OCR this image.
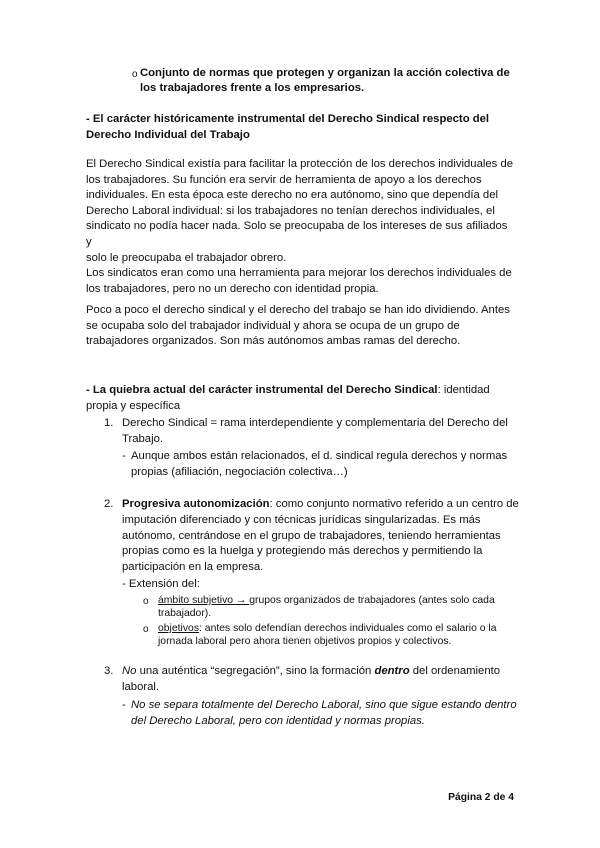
o Conjunto de normas que protegen y organizan la acción colectiva de

los trabajadores frente a los empresarios.

- El carácter históricamente instrumental del Derecho Sindical respecto del

Derecho Individual del Trabajo

El Derecho Sindical existía para facilitar la protección de los derechos individuales de

los trabajadores. Su función era servir de herramienta de apoyo a los derechos

individuales. En esta época este derecho no era autónomo, sino que dependía del

Derecho Laboral individual: si los trabajadores no tenían derechos individuales, el

sindicato no podía hacer nada. Solo se preocupaba de los intereses de sus afiliados y

solo le preocupaba el trabajador obrero.

Los sindicatos eran como una herramienta para mejorar los derechos individuales de

los trabajadores, pero no un derecho con identidad propia.

Poco a poco el derecho sindical y el derecho del trabajo se han ido dividiendo. Antes

se ocupaba solo del trabajador individual y ahora se ocupa de un grupo de

trabajadores organizados. Son más autónomos ambas ramas del derecho.

- La quiebra actual del carácter instrumental del Derecho Sindical: identidad

propia y específica

1. Derecho Sindical = rama interdependiente y complementaria del Derecho del

Trabajo.

- Aunque ambos están relacionados, el d. sindical regula derechos y normas

propias (afiliación, negociación colectiva…)

2. Progresiva autonomización: como conjunto normativo referido a un centro de

imputación diferenciado y con técnicas jurídicas singularizadas. Es más

autónomo, centrándose en el grupo de trabajadores, teniendo herramientas

propias como es la huelga y protegiendo más derechos y permitiendo la

participación en la empresa.

- Extensión del:

o ámbito subjetivo → grupos organizados de trabajadores (antes solo cada

trabajador).

o objetivos: antes solo defendían derechos individuales como el salario o la

jornada laboral pero ahora tienen objetivos propios y colectivos.

3. No una auténtica “segregación”, sino la formación dentro del ordenamiento

laboral.

- No se separa totalmente del Derecho Laboral, sino que sigue estando dentro

del Derecho Laboral, pero con identidad y normas propias.

Página 2 de 4
